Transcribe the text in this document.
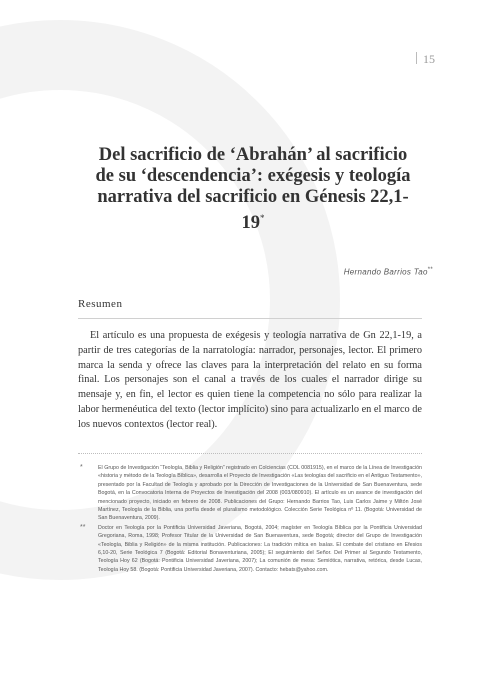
15
Del sacrificio de ‘Abrahán’ al sacrificio de su ‘descendencia’: exégesis y teología narrativa del sacrificio en Génesis 22,1-19*
Hernando Barrios Tao**
Resumen

El artículo es una propuesta de exégesis y teología narrativa de Gn 22,1-19, a partir de tres categorías de la narratología: narrador, personajes, lector. El primero marca la senda y ofrece las claves para la interpretación del relato en su forma final. Los personajes son el canal a través de los cuales el narrador dirige su mensaje y, en fin, el lector es quien tiene la competencia no sólo para realizar la labor hermenéutica del texto (lector implícito) sino para actualizarlo en el marco de los nuevos contextos (lector real).

*	El Grupo de Investigación “Teología, Biblia y Religión” registrado en Colciencias (COL 0081915), en el marco de la Línea de Investigación «historia y método de la Teología Bíblica», desarrolla el Proyecto de Investigación «Las teologías del sacrificio en el Antiguo Testamento», presentado por la Facultad de Teología y aprobado por la Dirección de Investigaciones de la Universidad de San Buenaventura, sede Bogotá, en la Convocatoria Interna de Proyectos de Investigación del 2008 (003/080910). El artículo es un avance de investigación del mencionado proyecto, iniciado en febrero de 2008. Publicaciones del Grupo: Hernando Barrios Tao, Luis Carlos Jaime y Miltón José Martínez, Teología de la Biblia, una porfía desde el pluralismo metodológico. Colección Serie Teológica nº 11. (Bogotá: Universidad de San Buenaventura, 2009).
** Doctor en Teología por la Pontificia Universidad Javeriana, Bogotá, 2004; magíster en Teología Bíblica por la Pontificia Universidad Gregoriana, Roma, 1998; Profesor Titular de la Universidad de San Buenaventura, sede Bogotá; director del Grupo de Investigación «Teología, Biblia y Religión» de la misma institución. Publicaciones: La tradición mítica en Isaías. El combate del cristiano en Efesios 6,10-20, Serie Teológica 7 (Bogotá: Editorial Bonaventuriana, 2005); El seguimiento del Señor. Del Primer al Segundo Testamento, Teología Hoy 62 (Bogotá: Pontificia Universidad Javeriana, 2007); La comunión de mesa: Semiótica, narrativa, retórica, desde Lucas, Teología Hoy 58. (Bogotá: Pontificia Universidad Javeriana, 2007). Contacto: hebats@yahoo.com.
